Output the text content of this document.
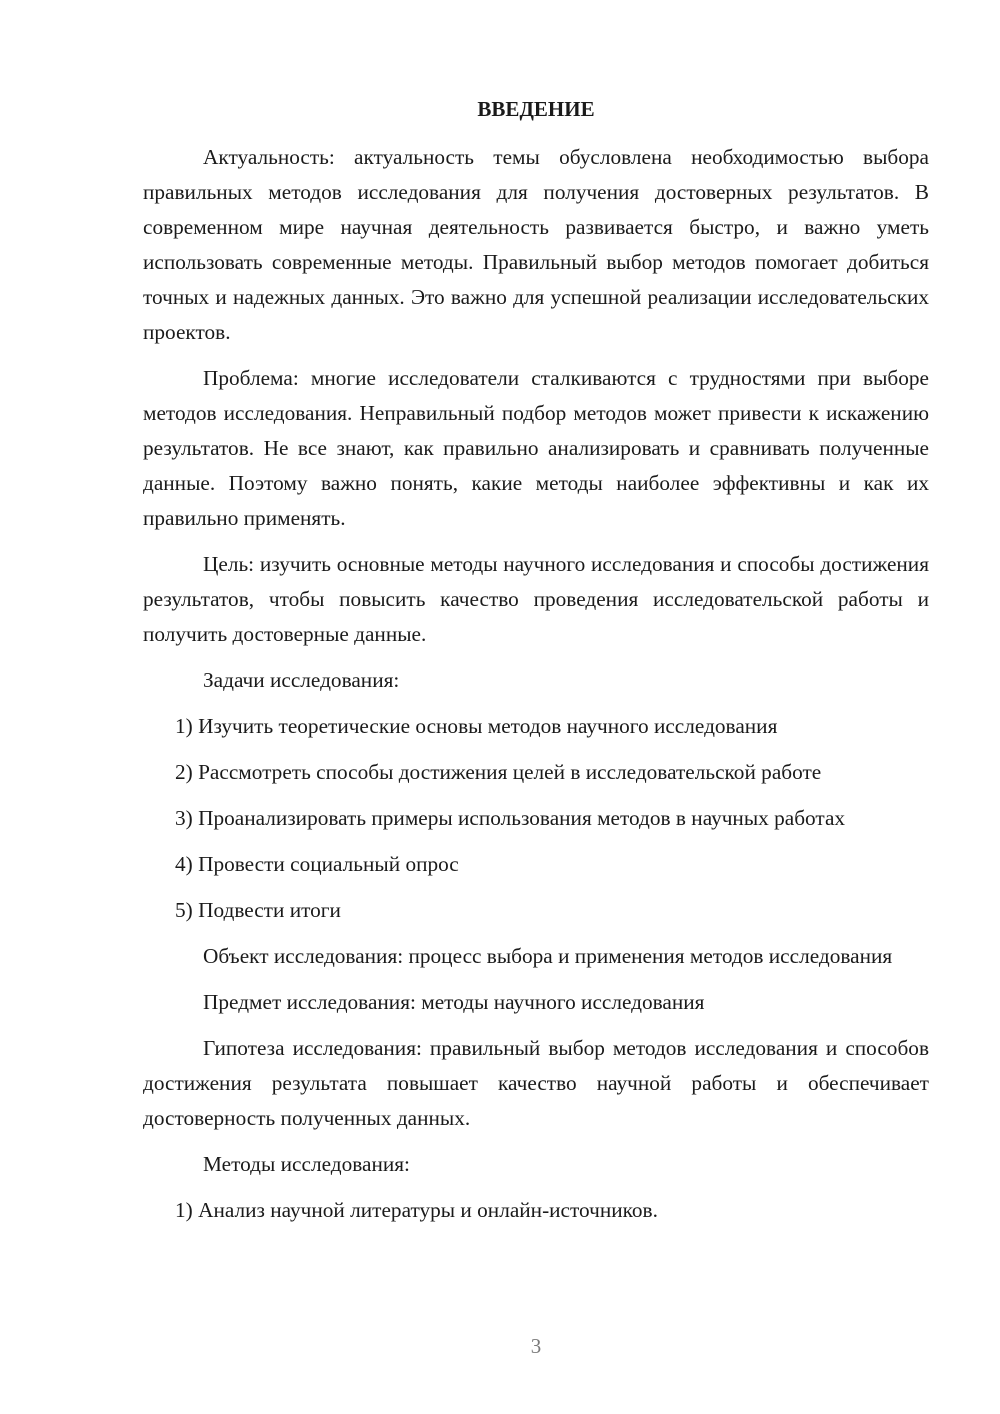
ВВЕДЕНИЕ

Актуальность: актуальность темы обусловлена необходимостью выбора правильных методов исследования для получения достоверных результатов. В современном мире научная деятельность развивается быстро, и важно уметь использовать современные методы. Правильный выбор методов помогает добиться точных и надежных данных. Это важно для успешной реализации исследовательских проектов.

Проблема: многие исследователи сталкиваются с трудностями при выборе методов исследования. Неправильный подбор методов может привести к искажению результатов. Не все знают, как правильно анализировать и сравнивать полученные данные. Поэтому важно понять, какие методы наиболее эффективны и как их правильно применять.

Цель: изучить основные методы научного исследования и способы достижения результатов, чтобы повысить качество проведения исследовательской работы и получить достоверные данные.

Задачи исследования:

1) Изучить теоретические основы методов научного исследования

2) Рассмотреть способы достижения целей в исследовательской работе

3) Проанализировать примеры использования методов в научных работах

4) Провести социальный опрос

5) Подвести итоги

Объект исследования: процесс выбора и применения методов исследования

Предмет исследования: методы научного исследования

Гипотеза исследования: правильный выбор методов исследования и способов достижения результата повышает качество научной работы и обеспечивает достоверность полученных данных.

Методы исследования:

1) Анализ научной литературы и онлайн-источников.

3
